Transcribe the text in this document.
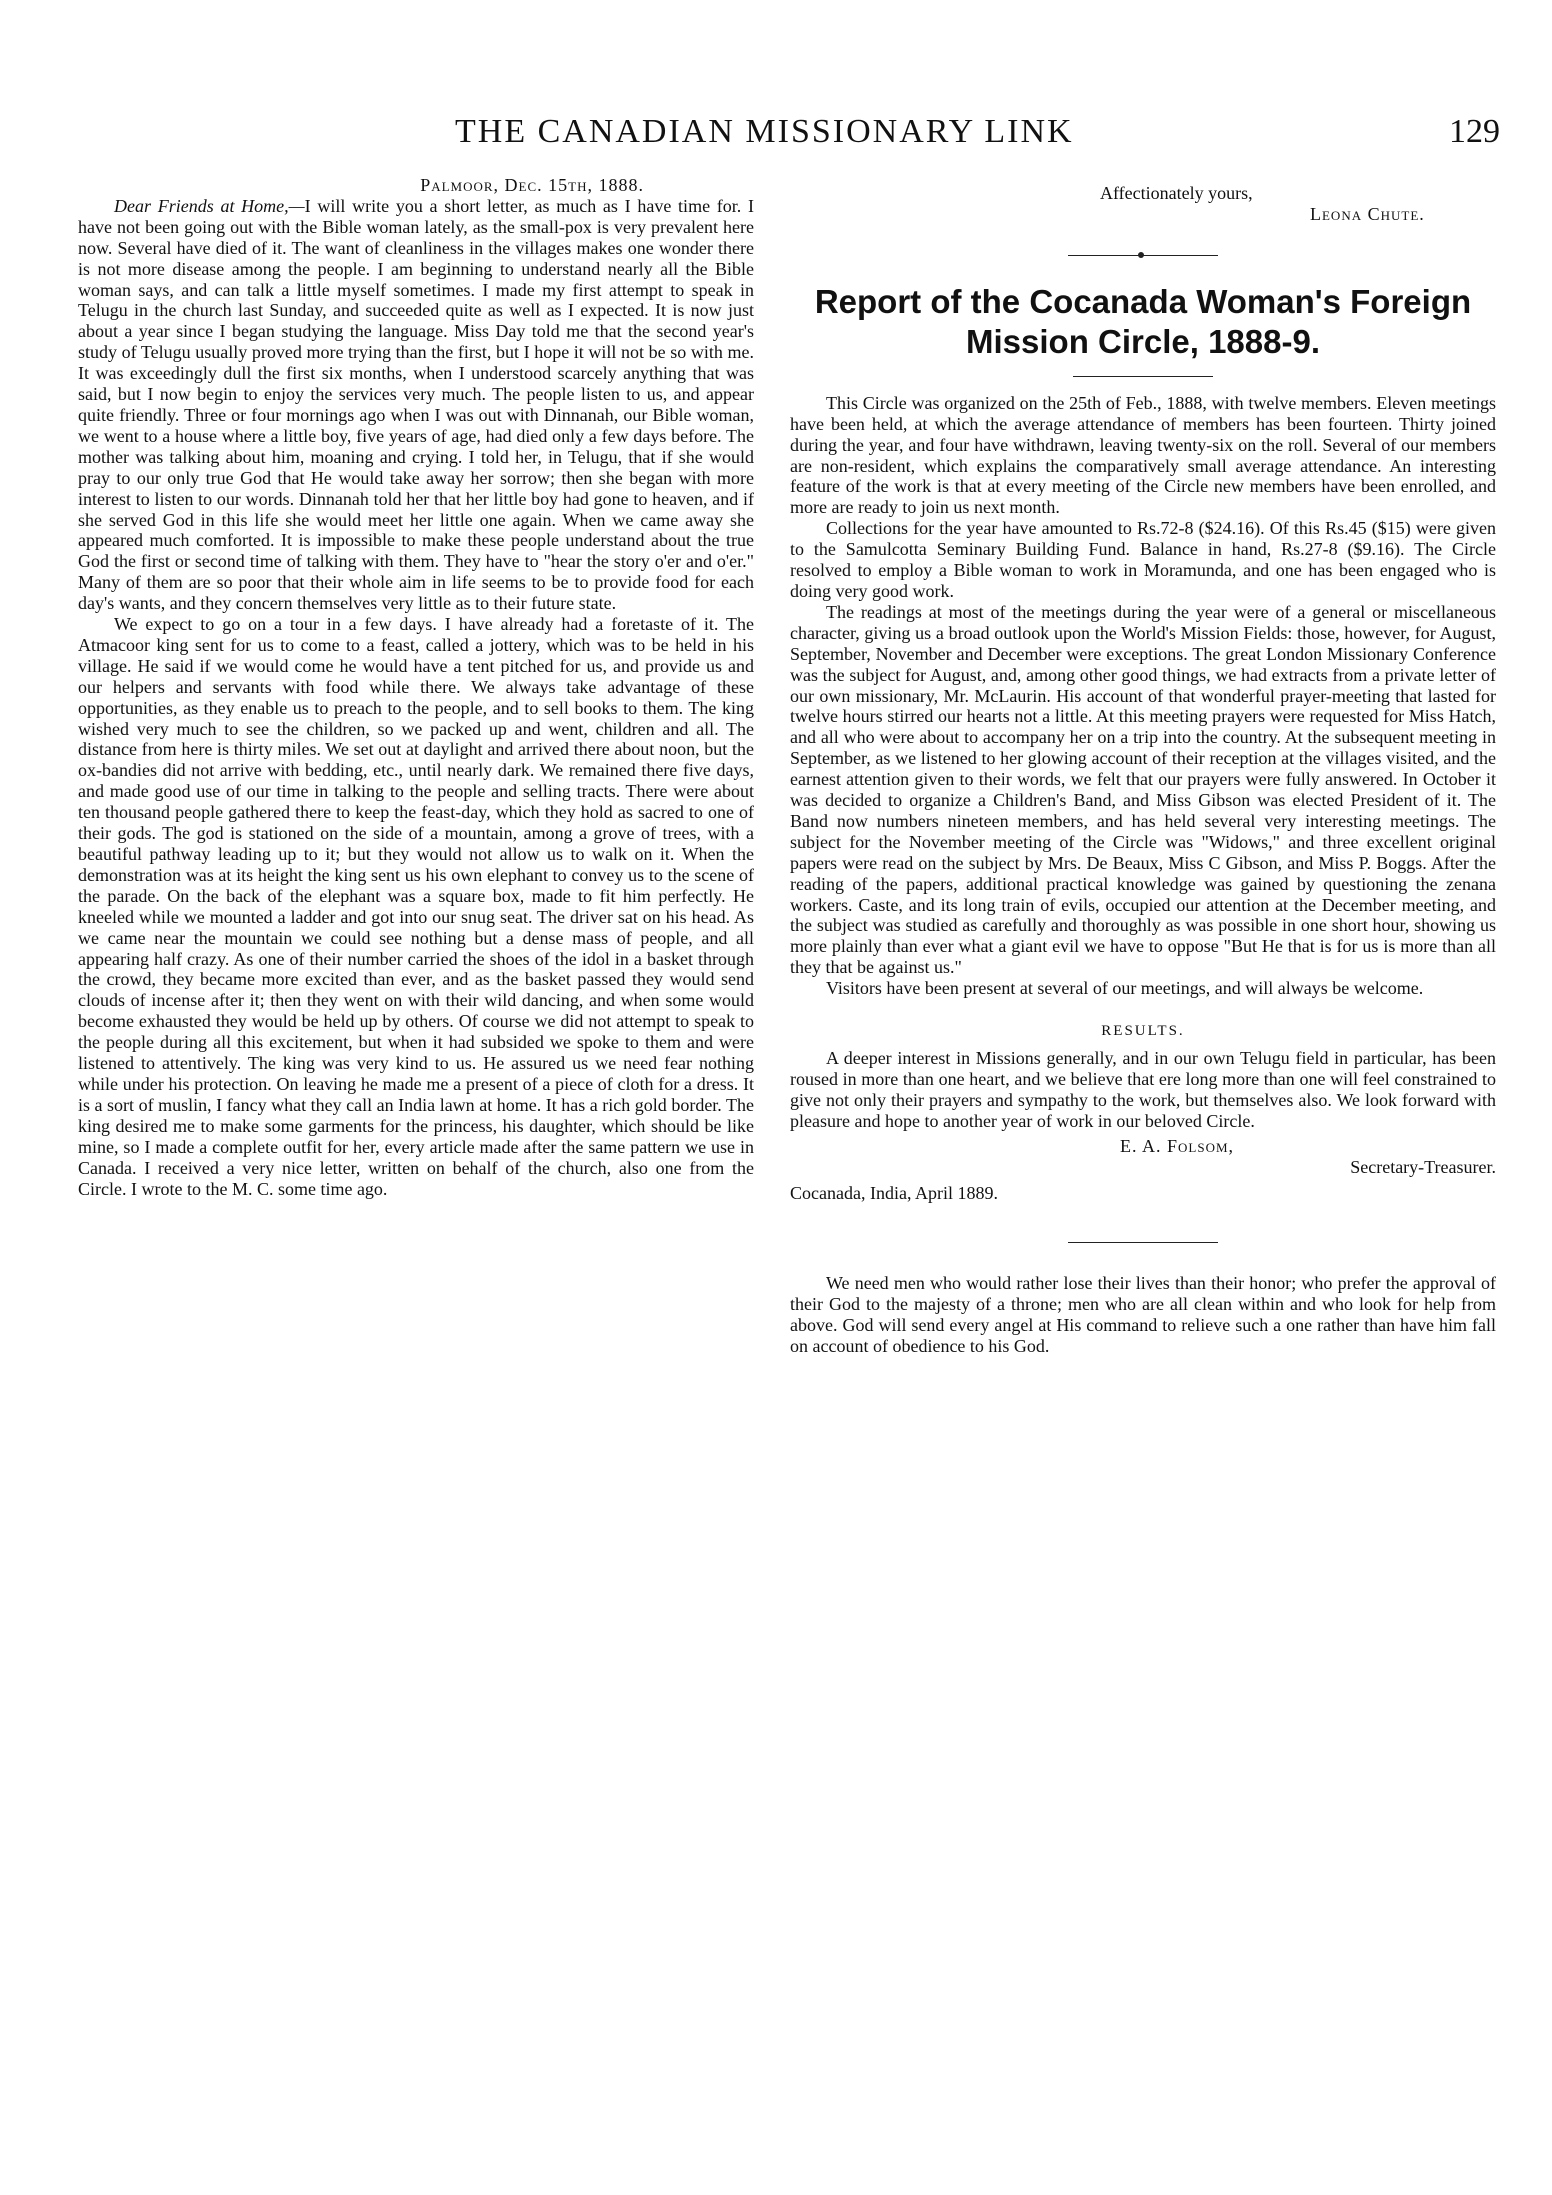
THE CANADIAN MISSIONARY LINK	129
Palmoor, Dec. 15th, 1888.

Dear Friends at Home,—I will write you a short letter, as much as I have time for. I have not been going out with the Bible woman lately, as the small-pox is very prevalent here now. Several have died of it. The want of cleanliness in the villages makes one wonder there is not more disease among the people. I am beginning to understand nearly all the Bible woman says, and can talk a little myself sometimes. I made my first attempt to speak in Telugu in the church last Sunday, and succeeded quite as well as I expected. It is now just about a year since I began studying the language. Miss Day told me that the second year's study of Telugu usually proved more trying than the first, but I hope it will not be so with me. It was exceedingly dull the first six months, when I understood scarcely anything that was said, but I now begin to enjoy the services very much. The people listen to us, and appear quite friendly. Three or four mornings ago when I was out with Dinnanah, our Bible woman, we went to a house where a little boy, five years of age, had died only a few days before. The mother was talking about him, moaning and crying. I told her, in Telugu, that if she would pray to our only true God that He would take away her sorrow; then she began with more interest to listen to our words. Dinnanah told her that her little boy had gone to heaven, and if she served God in this life she would meet her little one again. When we came away she appeared much comforted. It is impossible to make these people understand about the true God the first or second time of talking with them. They have to "hear the story o'er and o'er." Many of them are so poor that their whole aim in life seems to be to provide food for each day's wants, and they concern themselves very little as to their future state.

We expect to go on a tour in a few days. I have already had a foretaste of it. The Atmacoor king sent for us to come to a feast, called a jottery, which was to be held in his village. He said if we would come he would have a tent pitched for us, and provide us and our helpers and servants with food while there. We always take advantage of these opportunities, as they enable us to preach to the people, and to sell books to them. The king wished very much to see the children, so we packed up and went, children and all. The distance from here is thirty miles. We set out at daylight and arrived there about noon, but the ox-bandies did not arrive with bedding, etc., until nearly dark. We remained there five days, and made good use of our time in talking to the people and selling tracts. There were about ten thousand people gathered there to keep the feast-day, which they hold as sacred to one of their gods. The god is stationed on the side of a mountain, among a grove of trees, with a beautiful pathway leading up to it; but they would not allow us to walk on it. When the demonstration was at its height the king sent us his own elephant to convey us to the scene of the parade. On the back of the elephant was a square box, made to fit him perfectly. He kneeled while we mounted a ladder and got into our snug seat. The driver sat on his head. As we came near the mountain we could see nothing but a dense mass of people, and all appearing half crazy. As one of their number carried the shoes of the idol in a basket through the crowd, they became more excited than ever, and as the basket passed they would send clouds of incense after it; then they went on with their wild dancing, and when some would become exhausted they would be held up by others. Of course we did not attempt to speak to the people during all this excitement, but when it had subsided we spoke to them and were listened to attentively. The king was very kind to us. He assured us we need fear nothing while under his protection. On leaving he made me a present of a piece of cloth for a dress. It is a sort of muslin, I fancy what they call an India lawn at home. It has a rich gold border. The king desired me to make some garments for the princess, his daughter, which should be like mine, so I made a complete outfit for her, every article made after the same pattern we use in Canada. I received a very nice letter, written on behalf of the church, also one from the Circle. I wrote to the M. C. some time ago.

Affectionately yours,
Leona Chute.
Report of the Cocanada Woman's Foreign
Mission Circle, 1888-9.

This Circle was organized on the 25th of Feb., 1888, with twelve members. Eleven meetings have been held, at which the average attendance of members has been fourteen. Thirty joined during the year, and four have withdrawn, leaving twenty-six on the roll. Several of our members are non-resident, which explains the comparatively small average attendance. An interesting feature of the work is that at every meeting of the Circle new members have been enrolled, and more are ready to join us next month.

Collections for the year have amounted to Rs.72-8 ($24.16). Of this Rs.45 ($15) were given to the Samulcotta Seminary Building Fund. Balance in hand, Rs.27-8 ($9.16). The Circle resolved to employ a Bible woman to work in Moramunda, and one has been engaged who is doing very good work.

The readings at most of the meetings during the year were of a general or miscellaneous character, giving us a broad outlook upon the World's Mission Fields: those, however, for August, September, November and December were exceptions. The great London Missionary Conference was the subject for August, and, among other good things, we had extracts from a private letter of our own missionary, Mr. McLaurin. His account of that wonderful prayer-meeting that lasted for twelve hours stirred our hearts not a little. At this meeting prayers were requested for Miss Hatch, and all who were about to accompany her on a trip into the country. At the subsequent meeting in September, as we listened to her glowing account of their reception at the villages visited, and the earnest attention given to their words, we felt that our prayers were fully answered. In October it was decided to organize a Children's Band, and Miss Gibson was elected President of it. The Band now numbers nineteen members, and has held several very interesting meetings. The subject for the November meeting of the Circle was "Widows," and three excellent original papers were read on the subject by Mrs. De Beaux, Miss C Gibson, and Miss P. Boggs. After the reading of the papers, additional practical knowledge was gained by questioning the zenana workers. Caste, and its long train of evils, occupied our attention at the December meeting, and the subject was studied as carefully and thoroughly as was possible in one short hour, showing us more plainly than ever what a giant evil we have to oppose "But He that is for us is more than all they that be against us."

Visitors have been present at several of our meetings, and will always be welcome.

RESULTS.

A deeper interest in Missions generally, and in our own Telugu field in particular, has been roused in more than one heart, and we believe that ere long more than one will feel constrained to give not only their prayers and sympathy to the work, but themselves also. We look forward with pleasure and hope to another year of work in our beloved Circle.

E. A. Folsom,
Secretary-Treasurer.
Cocanada, India, April 1889.

We need men who would rather lose their lives than their honor; who prefer the approval of their God to the majesty of a throne; men who are all clean within and who look for help from above. God will send every angel at His command to relieve such a one rather than have him fall on account of obedience to his God.
